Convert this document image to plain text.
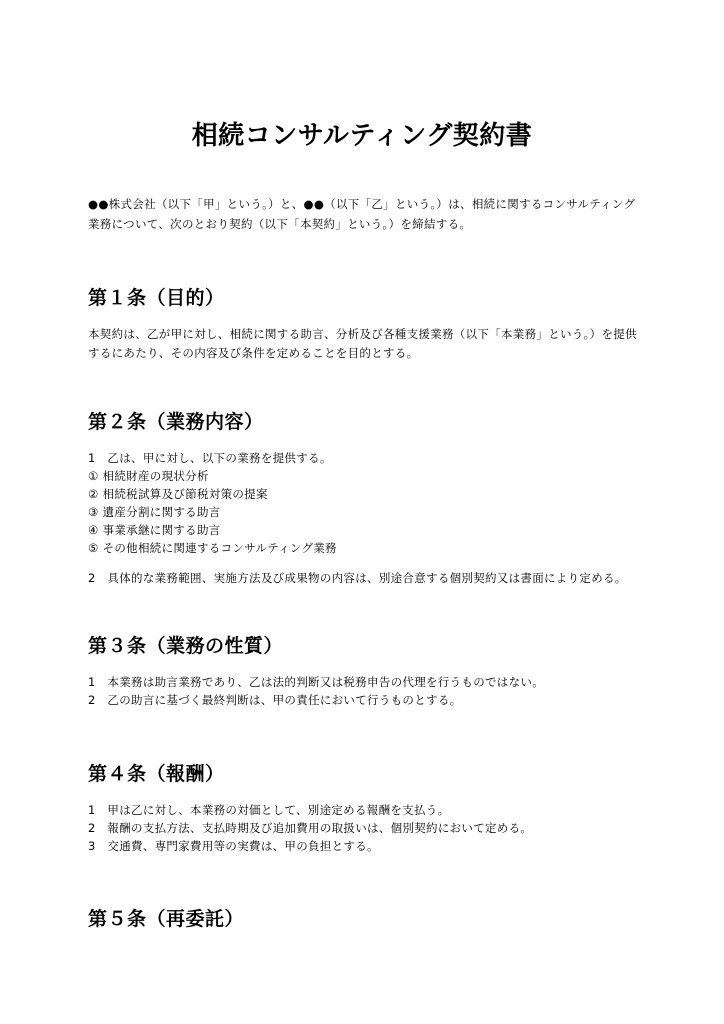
相続コンサルティング契約書

●●株式会社（以下「甲」という。）と、●●（以下「乙」という。）は、相続に関するコンサルティング業務について、次のとおり契約（以下「本契約」という。）を締結する。

第１条（目的）

本契約は、乙が甲に対し、相続に関する助言、分析及び各種支援業務（以下「本業務」という。）を提供するにあたり、その内容及び条件を定めることを目的とする。

第２条（業務内容）

1　乙は、甲に対し、以下の業務を提供する。

① 相続財産の現状分析

② 相続税試算及び節税対策の提案

③ 遺産分割に関する助言

④ 事業承継に関する助言

⑤ その他相続に関連するコンサルティング業務

2　具体的な業務範囲、実施方法及び成果物の内容は、別途合意する個別契約又は書面により定める。

第３条（業務の性質）

1　本業務は助言業務であり、乙は法的判断又は税務申告の代理を行うものではない。

2　乙の助言に基づく最終判断は、甲の責任において行うものとする。

第４条（報酬）

1　甲は乙に対し、本業務の対価として、別途定める報酬を支払う。

2　報酬の支払方法、支払時期及び追加費用の取扱いは、個別契約において定める。

3　交通費、専門家費用等の実費は、甲の負担とする。

第５条（再委託）
